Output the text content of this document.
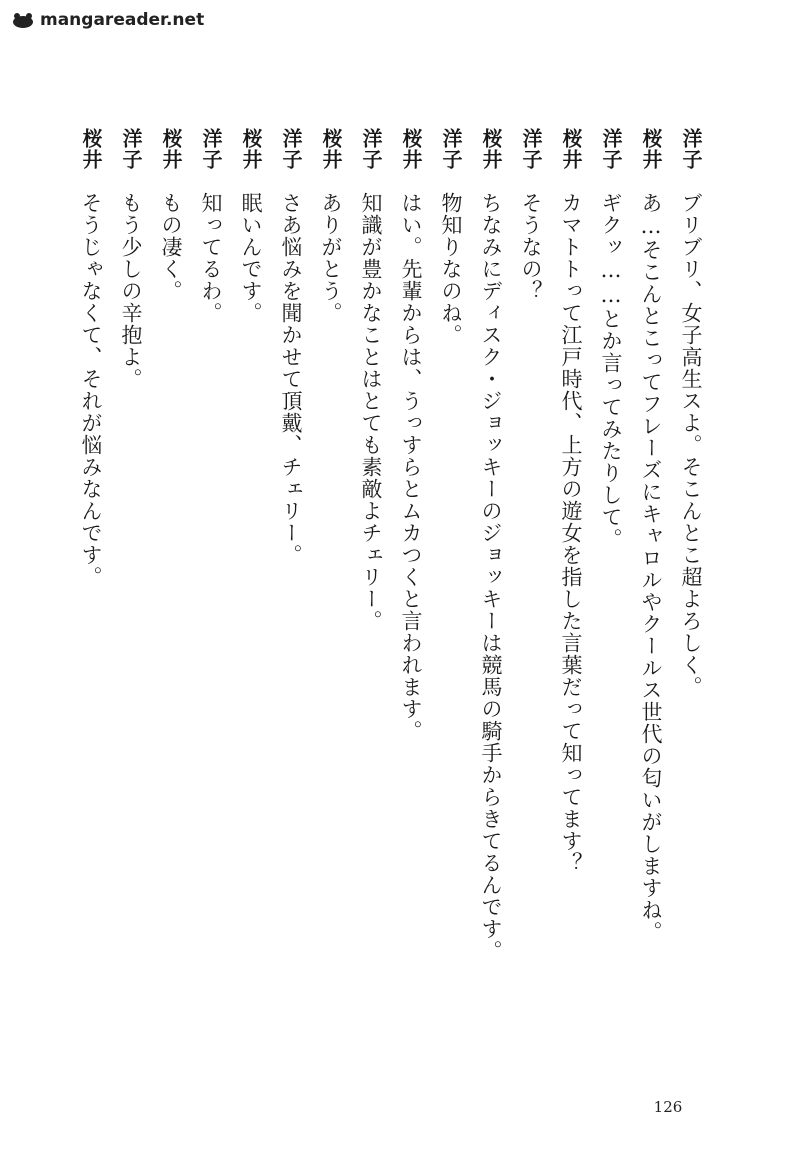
mangareader.net
洋子ブリブリ、女子高生スよ。そこんとこ超よろしく。
桜井あ…そこんとこってフレーズにキャロルやクールス世代の匂いがしますね。
洋子ギクッ……とか言ってみたりして。
桜井カマトトって江戸時代、上方の遊女を指した言葉だって知ってます？
洋子そうなの？
桜井ちなみにディスク・ジョッキーのジョッキーは競馬の騎手からきてるんです。
洋子物知りなのね。
桜井はい。先輩からは、うっすらとムカつくと言われます。
洋子知識が豊かなことはとても素敵よチェリー。
桜井ありがとう。
洋子さあ悩みを聞かせて頂戴、チェリー。
桜井眠いんです。
洋子知ってるわ。
桜井もの凄く。
洋子もう少しの辛抱よ。
桜井そうじゃなくて、それが悩みなんです。
126
